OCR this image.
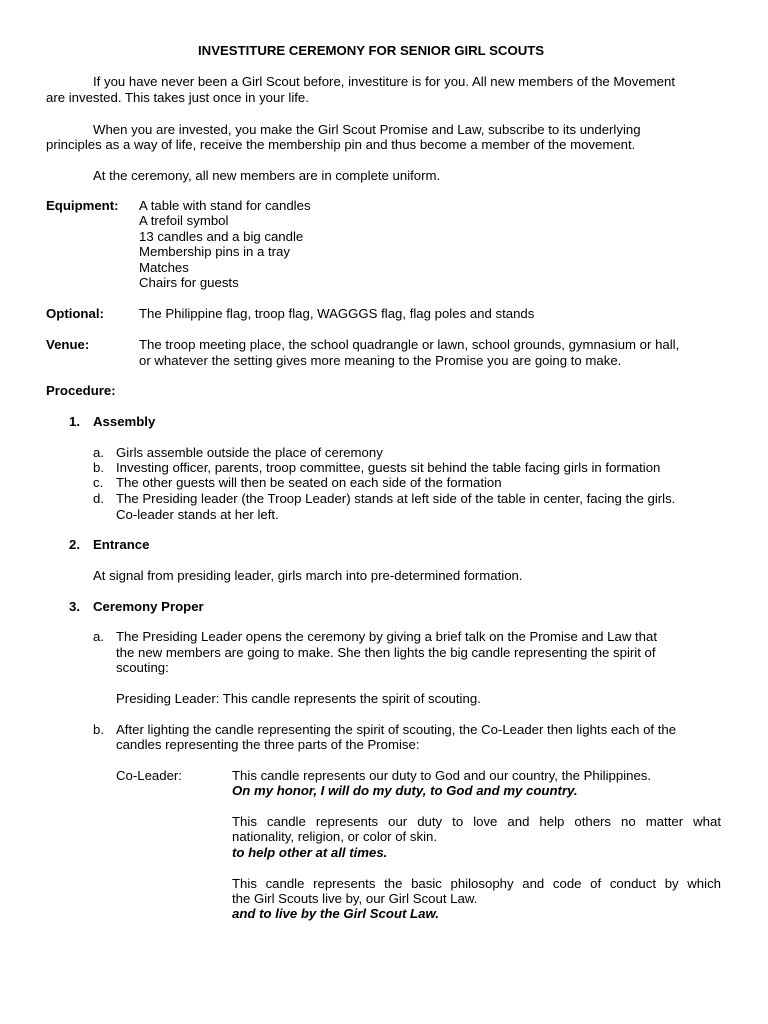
INVESTITURE CEREMONY FOR SENIOR GIRL SCOUTS
If you have never been a Girl Scout before, investiture is for you. All new members of the Movement
are invested. This takes just once in your life.
When you are invested, you make the Girl Scout Promise and Law, subscribe to its underlying
principles as a way of life, receive the membership pin and thus become a member of the movement.
At the ceremony, all new members are in complete uniform.
Equipment: A table with stand for candles
A trefoil symbol
13 candles and a big candle
Membership pins in a tray
Matches
Chairs for guests
Optional:	The Philippine flag, troop flag, WAGGGS flag, flag poles and stands
Venue:	The troop meeting place, the school quadrangle or lawn, school grounds, gymnasium or hall,
or whatever the setting gives more meaning to the Promise you are going to make.
Procedure:
1. Assembly
a. Girls assemble outside the place of ceremony
b. Investing officer, parents, troop committee, guests sit behind the table facing girls in formation
c. The other guests will then be seated on each side of the formation
d. The Presiding leader (the Troop Leader) stands at left side of the table in center, facing the girls.
Co-leader stands at her left.
2. Entrance
At signal from presiding leader, girls march into pre-determined formation.
3. Ceremony Proper
a. The Presiding Leader opens the ceremony by giving a brief talk on the Promise and Law that
the new members are going to make. She then lights the big candle representing the spirit of
scouting:
Presiding Leader: This candle represents the spirit of scouting.
b. After lighting the candle representing the spirit of scouting, the Co-Leader then lights each of the
candles representing the three parts of the Promise:
Co-Leader:	This candle represents our duty to God and our country, the Philippines.
On my honor, I will do my duty, to God and my country.
This candle represents our duty to love and help others no matter what
nationality, religion, or color of skin.
to help other at all times.
This candle represents the basic philosophy and code of conduct by which
the Girl Scouts live by, our Girl Scout Law.
and to live by the Girl Scout Law.
